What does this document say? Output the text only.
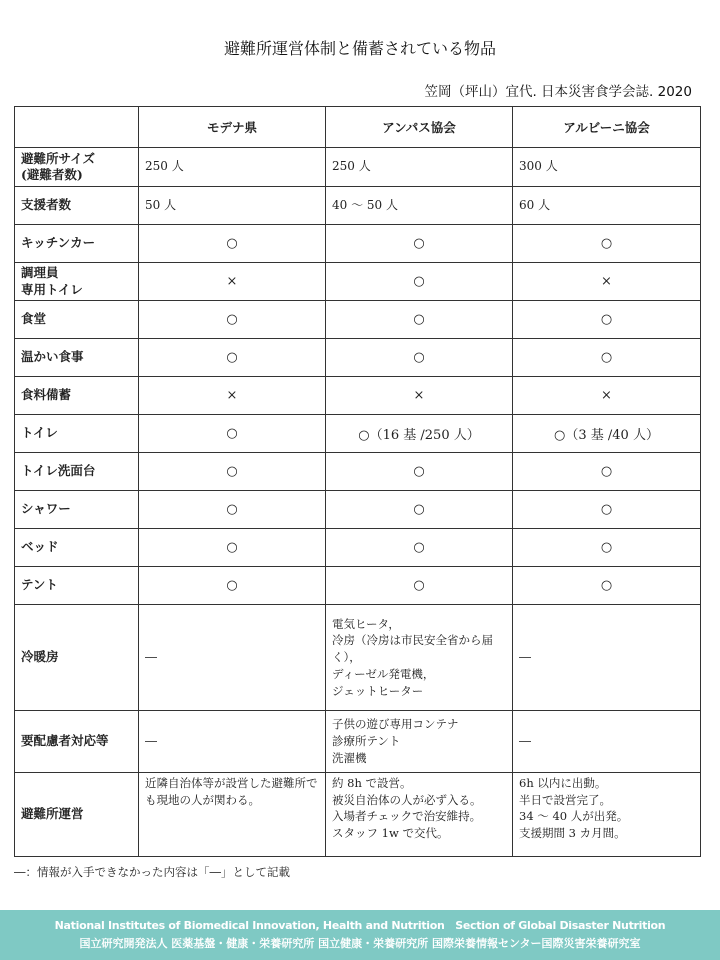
避難所運営体制と備蓄されている物品
笠岡（坪山）宜代. 日本災害食学会誌. 2020
	モデナ県	アンパス協会	アルビーニ協会
避難所サイズ
(避難者数)	250 人	250 人	300 人
支援者数	50 人	40 〜 50 人	60 人
キッチンカー	○	○	○
調理員
専用トイレ	×	○	×
食堂	○	○	○
温かい食事	○	○	○
食料備蓄	×	×	×
トイレ	○	○（16 基 /250 人）	○（3 基 /40 人）
トイレ洗面台	○	○	○
シャワー	○	○	○
ベッド	○	○	○
テント	○	○	○
冷暖房	―	電気ヒータ，
冷房（冷房は市民安全省から届く），
ディーゼル発電機，
ジェットヒーター	―
要配慮者対応等	―	子供の遊び専用コンテナ
診療所テント
洗濯機	―
避難所運営	近隣自治体等が設営した避難所でも現地の人が関わる。	約 8h で設営。
被災自治体の人が必ず入る。
入場者チェックで治安維持。
スタッフ 1w で交代。	6h 以内に出動。
半日で設営完了。
34 〜 40 人が出発。
支援期間 3 カ月間。
―：情報が入手できなかった内容は「―」として記載
National Institutes of Biomedical Innovation, Health and Nutrition　Section of Global Disaster Nutrition
国立研究開発法人 医薬基盤・健康・栄養研究所 国立健康・栄養研究所 国際栄養情報センター国際災害栄養研究室
